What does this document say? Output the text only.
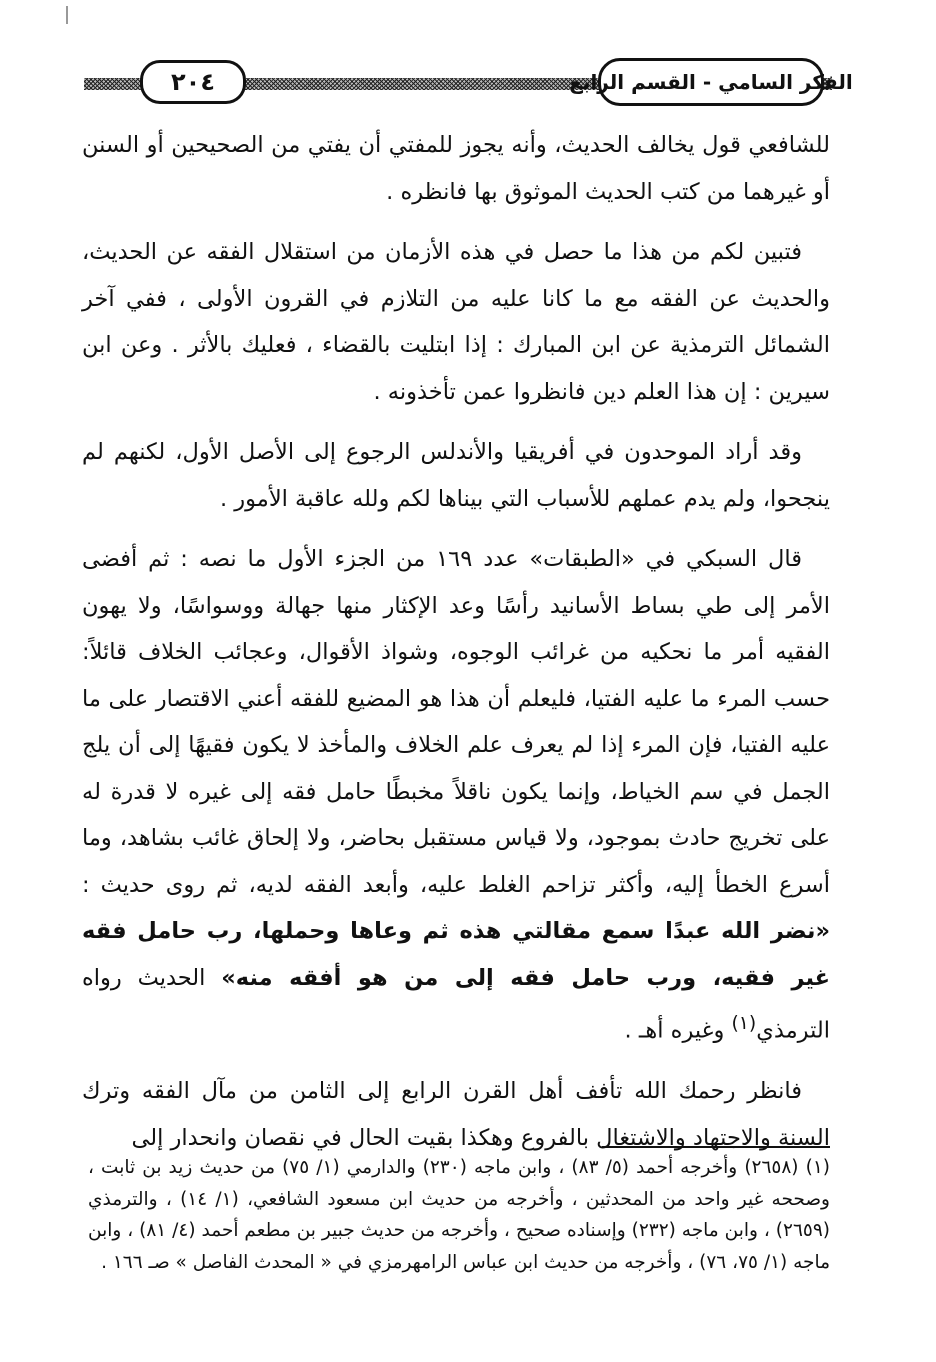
الفكر السامي - القسم الرابع
٢٠٤

للشافعي قول يخالف الحديث، وأنه يجوز للمفتي أن يفتي من الصحيحين أو السنن أو غيرهما من كتب الحديث الموثوق بها فانظره .

فتبين لكم من هذا ما حصل في هذه الأزمان من استقلال الفقه عن الحديث، والحديث عن الفقه مع ما كانا عليه من التلازم في القرون الأولى ، ففي آخر الشمائل الترمذية عن ابن المبارك : إذا ابتليت بالقضاء ، فعليك بالأثر . وعن ابن سيرين : إن هذا العلم دين فانظروا عمن تأخذونه .

وقد أراد الموحدون في أفريقيا والأندلس الرجوع إلى الأصل الأول، لكنهم لم ينجحوا، ولم يدم عملهم للأسباب التي بيناها لكم ولله عاقبة الأمور .

قال السبكي في «الطبقات» عدد ١٦٩ من الجزء الأول ما نصه : ثم أفضى الأمر إلى طي بساط الأسانيد رأسًا وعد الإكثار منها جهالة ووسواسًا، ولا يهون الفقيه أمر ما نحكيه من غرائب الوجوه، وشواذ الأقوال، وعجائب الخلاف قائلاً: حسب المرء ما عليه الفتيا، فليعلم أن هذا هو المضيع للفقه أعني الاقتصار على ما عليه الفتيا، فإن المرء إذا لم يعرف علم الخلاف والمأخذ لا يكون فقيهًا إلى أن يلج الجمل في سم الخياط، وإنما يكون ناقلاً مخبطًا حامل فقه إلى غيره لا قدرة له على تخريج حادث بموجود، ولا قياس مستقبل بحاضر، ولا إلحاق غائب بشاهد، وما أسرع الخطأ إليه، وأكثر تزاحم الغلط عليه، وأبعد الفقه لديه، ثم روى حديث : «نضر الله عبدًا سمع مقالتي هذه ثم وعاها وحملها، رب حامل فقه غير فقيه، ورب حامل فقه إلى من هو أفقه منه» الحديث رواه الترمذي$^{(١)}$ وغيره أهـ .

فانظر رحمك الله تأفف أهل القرن الرابع إلى الثامن من مآل الفقه وترك السنة والاجتهاد والاشتغال بالفروع وهكذا بقيت الحال في نقصان وانحدار إلى

(١) (٢٦٥٨) وأخرجه أحمد (٥/ ٨٣) ، وابن ماجه (٢٣٠) والدارمي (١/ ٧٥) من حديث زيد بن ثابت ، وصححه غير واحد من المحدثين ، وأخرجه من حديث ابن مسعود الشافعي، (١/ ١٤) ، والترمذي (٢٦٥٩) ، وابن ماجه (٢٣٢) وإسناده صحيح ، وأخرجه من حديث جبير بن مطعم أحمد (٤/ ٨١) ، وابن ماجه (١/ ٧٥، ٧٦) ، وأخرجه من حديث ابن عباس الرامهرمزي في « المحدث الفاصل » صـ ١٦٦ .
